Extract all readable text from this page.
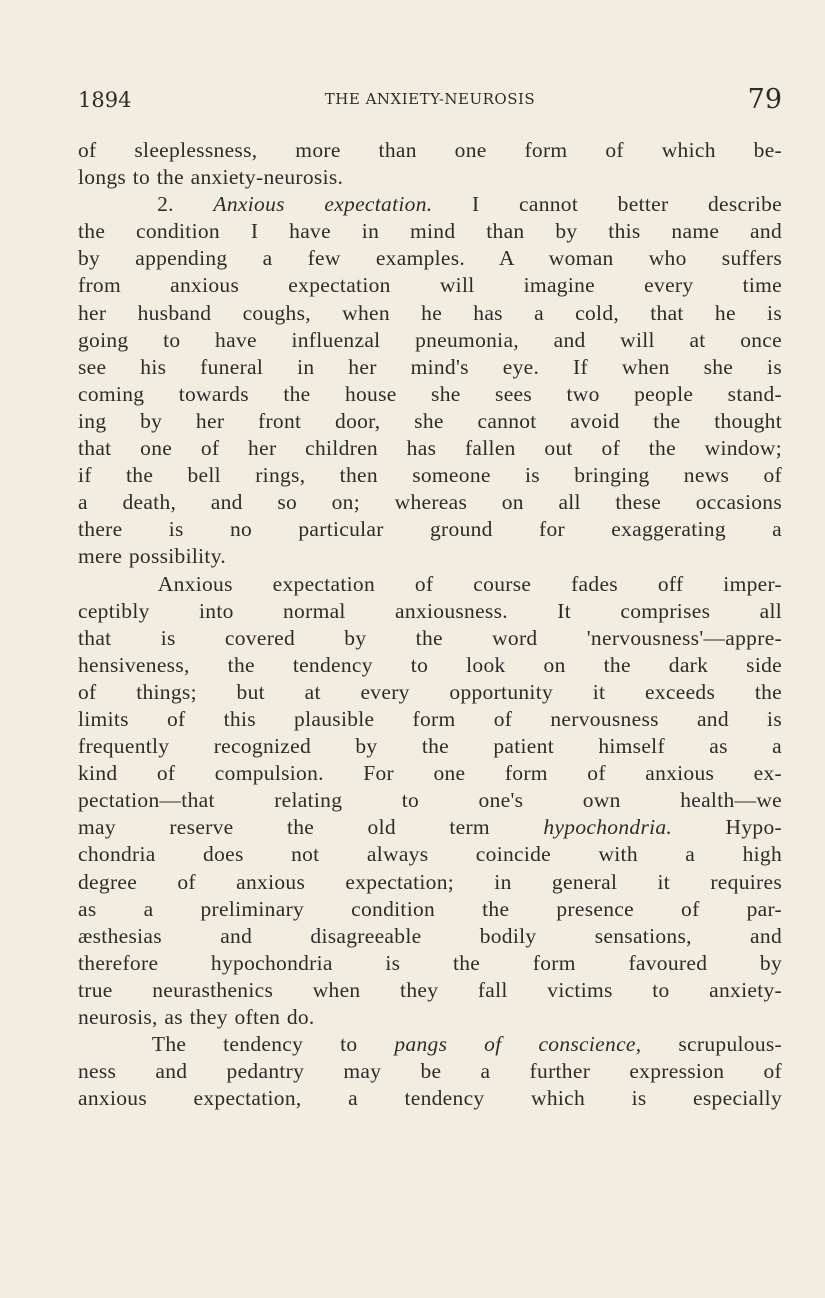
1894	THE ANXIETY-NEUROSIS	79
of sleeplessness, more than one form of which be-
longs to the anxiety-neurosis.
2. Anxious expectation. I cannot better describe
the condition I have in mind than by this name and
by appending a few examples. A woman who suffers
from anxious expectation will imagine every time
her husband coughs, when he has a cold, that he is
going to have influenzal pneumonia, and will at once
see his funeral in her mind's eye. If when she is
coming towards the house she sees two people stand-
ing by her front door, she cannot avoid the thought
that one of her children has fallen out of the window;
if the bell rings, then someone is bringing news of
a death, and so on; whereas on all these occasions
there is no particular ground for exaggerating a
mere possibility.
Anxious expectation of course fades off imper-
ceptibly into normal anxiousness. It comprises all
that is covered by the word 'nervousness'—appre-
hensiveness, the tendency to look on the dark side
of things; but at every opportunity it exceeds the
limits of this plausible form of nervousness and is
frequently recognized by the patient himself as a
kind of compulsion. For one form of anxious ex-
pectation—that relating to one's own health—we
may reserve the old term hypochondria. Hypo-
chondria does not always coincide with a high
degree of anxious expectation; in general it requires
as a preliminary condition the presence of par-
æsthesias and disagreeable bodily sensations, and
therefore hypochondria is the form favoured by
true neurasthenics when they fall victims to anxiety-
neurosis, as they often do.
The tendency to pangs of conscience, scrupulous-
ness and pedantry may be a further expression of
anxious expectation, a tendency which is especially
